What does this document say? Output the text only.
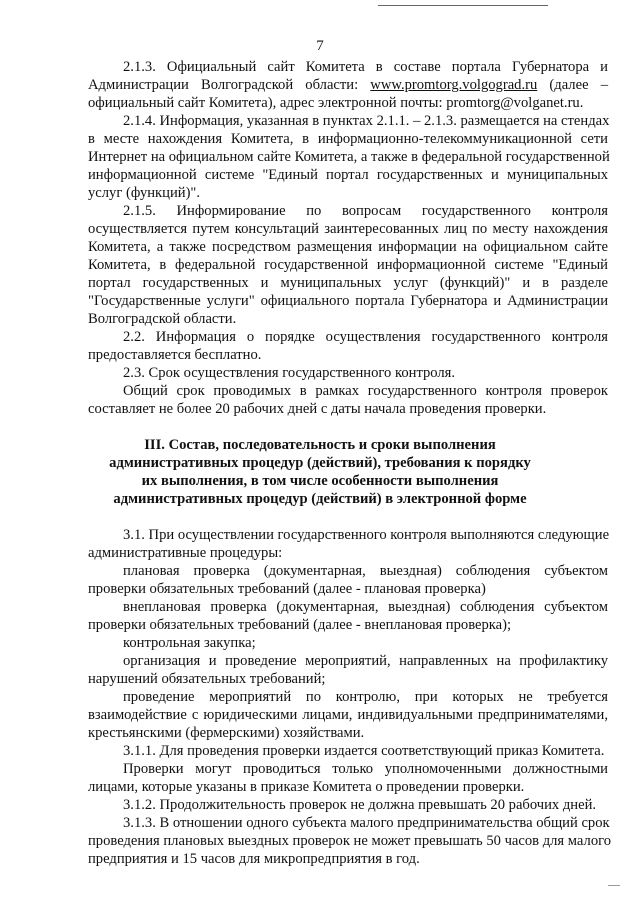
7
2.1.3. Официальный сайт Комитета в составе портала Губернатора и
Администрации Волгоградской области: www.promtorg.volgograd.ru (далее –
официальный сайт Комитета), адрес электронной почты: promtorg@volganet.ru.
2.1.4. Информация, указанная в пунктах 2.1.1. – 2.1.3. размещается на стендах
в месте нахождения Комитета, в информационно-телекоммуникационной сети
Интернет на официальном сайте Комитета, а также в федеральной государственной
информационной системе "Единый портал государственных и муниципальных
услуг (функций)".
2.1.5. Информирование по вопросам государственного контроля
осуществляется путем консультаций заинтересованных лиц по месту нахождения
Комитета, а также посредством размещения информации на официальном сайте
Комитета, в федеральной государственной информационной системе "Единый
портал государственных и муниципальных услуг (функций)" и в разделе
"Государственные услуги" официального портала Губернатора и Администрации
Волгоградской области.
2.2. Информация о порядке осуществления государственного контроля
предоставляется бесплатно.
2.3. Срок осуществления государственного контроля.
Общий срок проводимых в рамках государственного контроля проверок
составляет не более 20 рабочих дней с даты начала проведения проверки.
III. Состав, последовательность и сроки выполнения
административных процедур (действий), требования к порядку
их выполнения, в том числе особенности выполнения
административных процедур (действий) в электронной форме
3.1. При осуществлении государственного контроля выполняются следующие
административные процедуры:
плановая проверка (документарная, выездная) соблюдения субъектом
проверки обязательных требований (далее - плановая проверка)
внеплановая проверка (документарная, выездная) соблюдения субъектом
проверки обязательных требований (далее - внеплановая проверка);
контрольная закупка;
организация и проведение мероприятий, направленных на профилактику
нарушений обязательных требований;
проведение мероприятий по контролю, при которых не требуется
взаимодействие с юридическими лицами, индивидуальными предпринимателями,
крестьянскими (фермерскими) хозяйствами.
3.1.1. Для проведения проверки издается соответствующий приказ Комитета.
Проверки могут проводиться только уполномоченными должностными
лицами, которые указаны в приказе Комитета о проведении проверки.
3.1.2. Продолжительность проверок не должна превышать 20 рабочих дней.
3.1.3. В отношении одного субъекта малого предпринимательства общий срок
проведения плановых выездных проверок не может превышать 50 часов для малого
предприятия и 15 часов для микропредприятия в год.
